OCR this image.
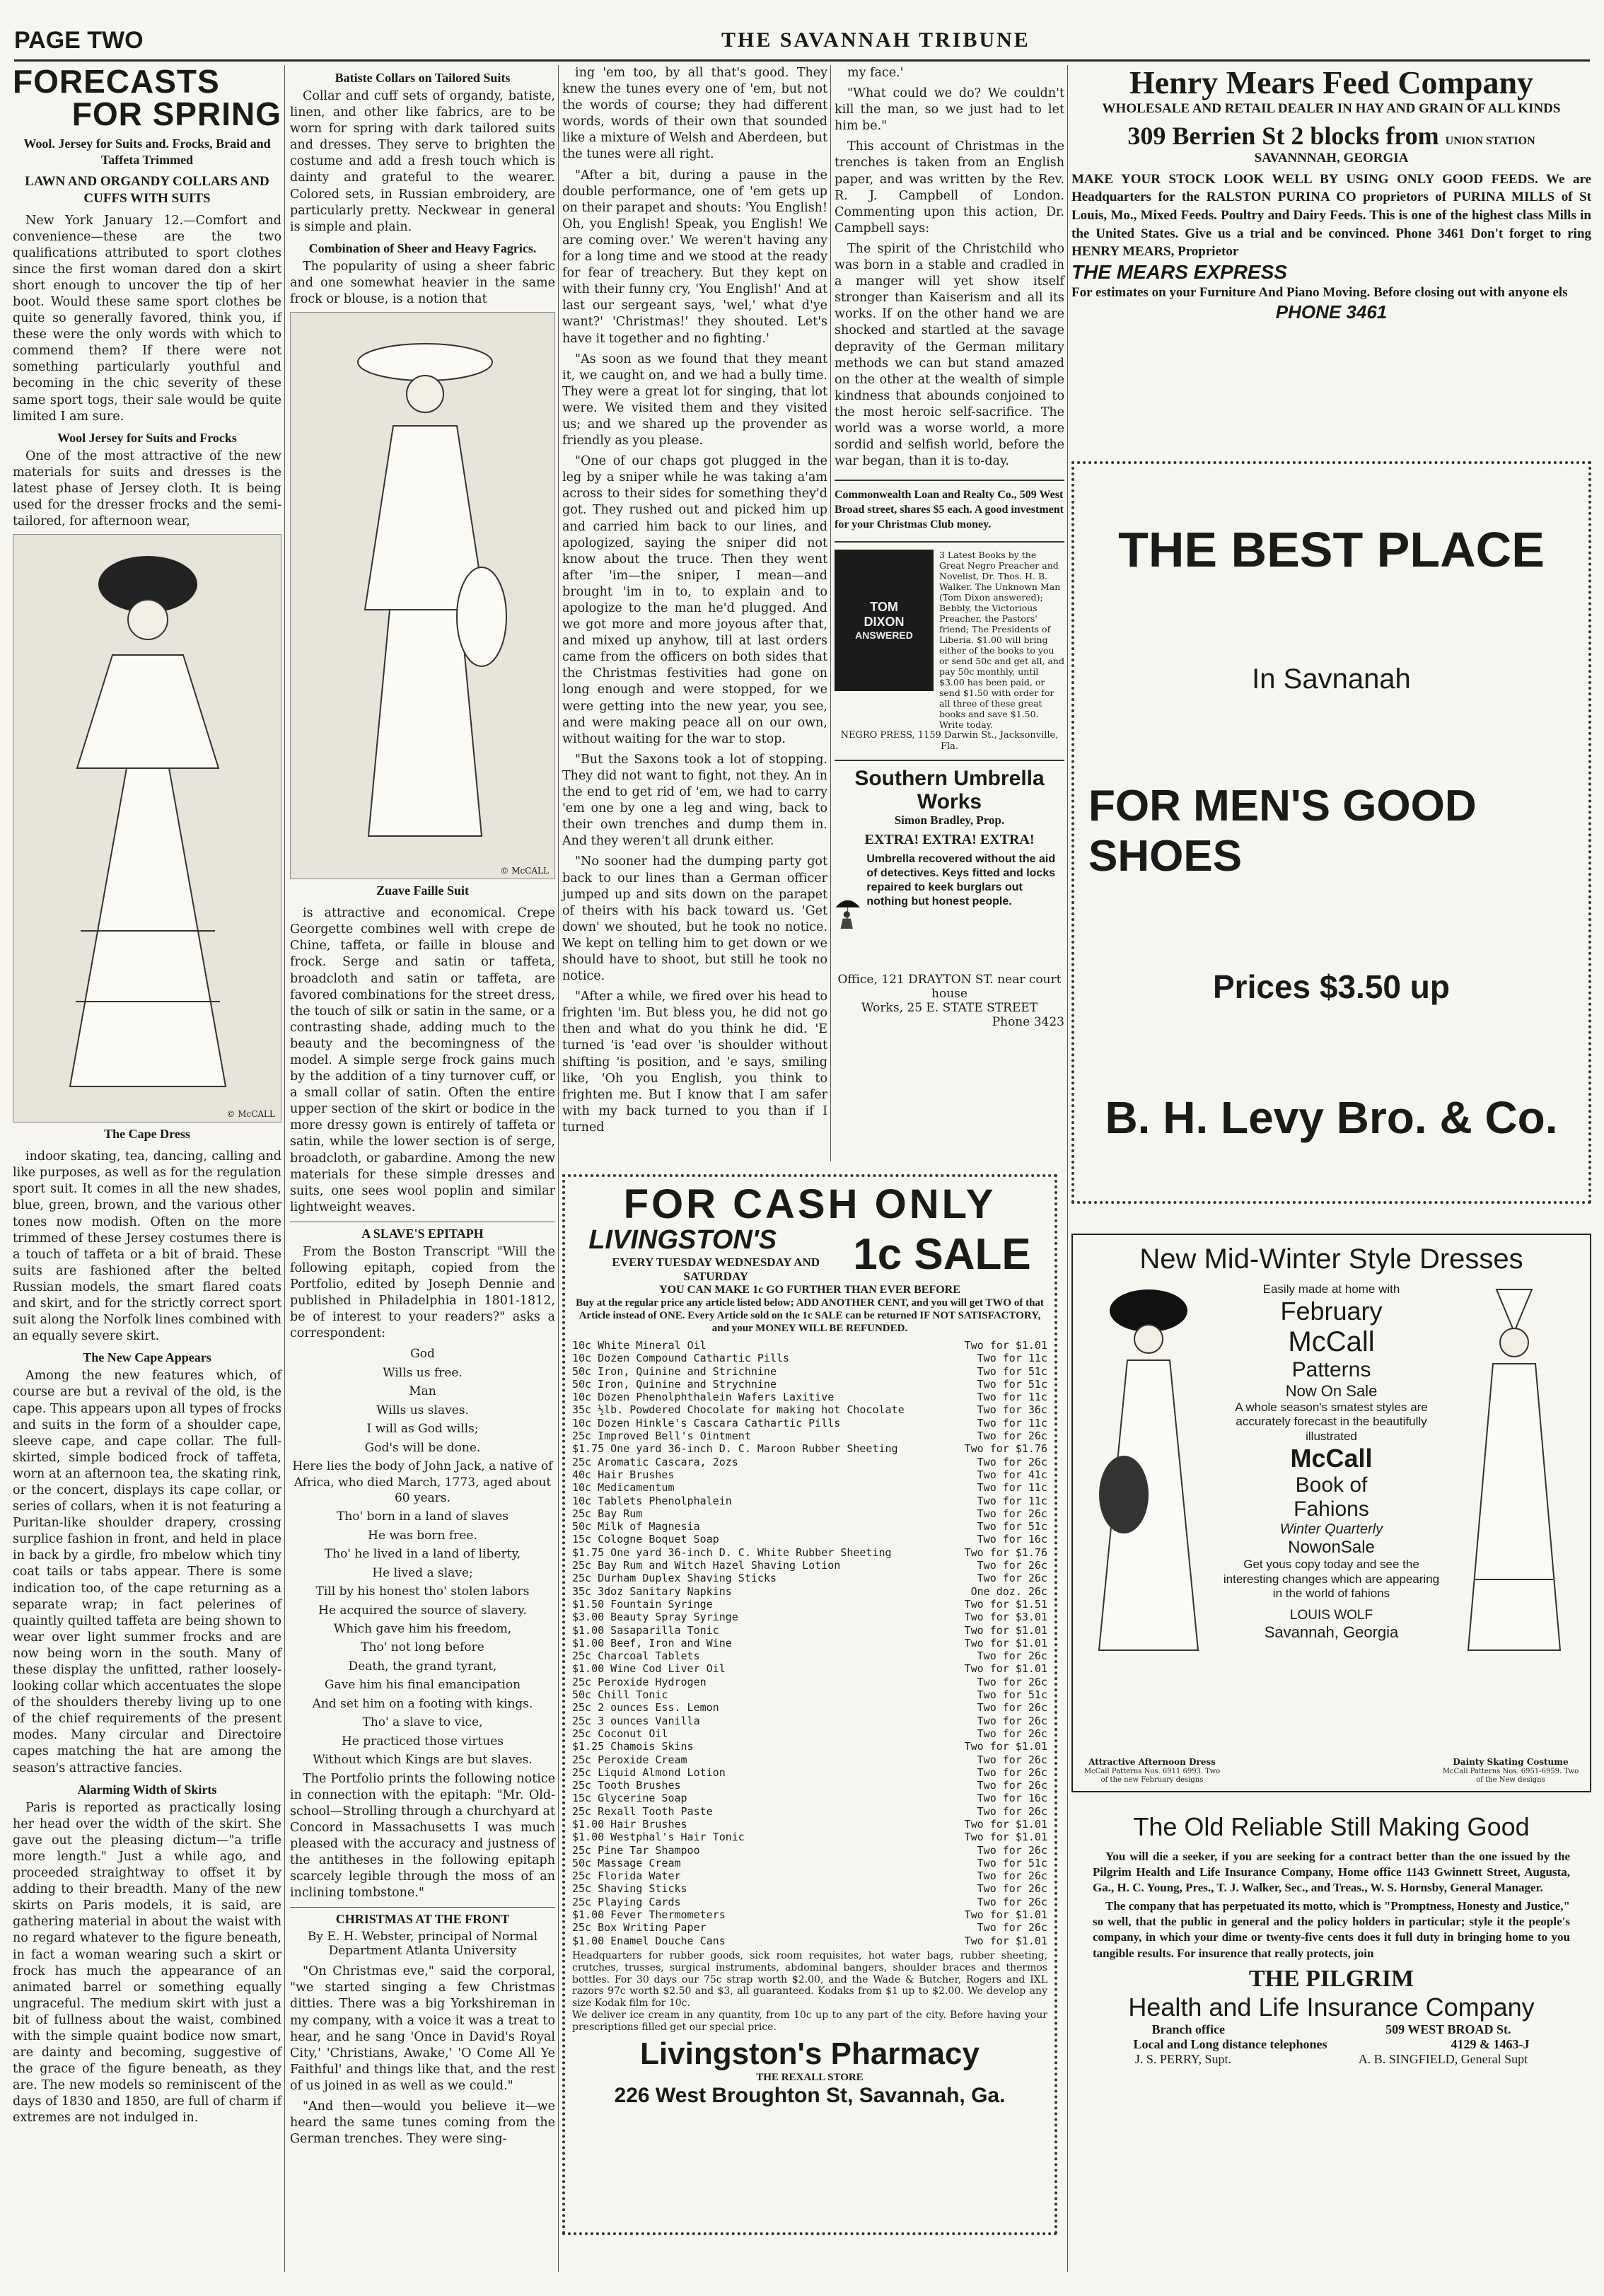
PAGE TWO	THE SAVANNAH TRIBUNE
FORECASTS
FOR SPRING
Wool. Jersey for Suits and. Frocks, Braid and Taffeta Trimmed
LAWN AND ORGANDY COLLARS AND CUFFS WITH SUITS

New York January 12.—Comfort and convenience—these are the two qualifications attributed to sport clothes since the first woman dared don a skirt short enough to uncover the tip of her boot. Would these same sport clothes be quite so generally favored, think you, if these were the only words with which to commend them? If there were not something particularly youthful and becoming in the chic severity of these same sport togs, their sale would be quite limited I am sure.

Wool Jersey for Suits and Frocks

One of the most attractive of the new materials for suits and dresses is the latest phase of Jersey cloth. It is being used for the dresser frocks and the semi-tailored, for afternoon wear,

© McCALL
The Cape Dress

indoor skating, tea, dancing, calling and like purposes, as well as for the regulation sport suit. It comes in all the new shades, blue, green, brown, and the various other tones now modish. Often on the more trimmed of these Jersey costumes there is a touch of taffeta or a bit of braid. These suits are fashioned after the belted Russian models, the smart flared coats and skirt, and for the strictly correct sport suit along the Norfolk lines combined with an equally severe skirt.

The New Cape Appears

Among the new features which, of course are but a revival of the old, is the cape. This appears upon all types of frocks and suits in the form of a shoulder cape, sleeve cape, and cape collar. The full-skirted, simple bodiced frock of taffeta, worn at an afternoon tea, the skating rink, or the concert, displays its cape collar, or series of collars, when it is not featuring a Puritan-like shoulder drapery, crossing surplice fashion in front, and held in place in back by a girdle, fro mbelow which tiny coat tails or tabs appear. There is some indication too, of the cape returning as a separate wrap; in fact pelerines of quaintly quilted taffeta are being shown to wear over light summer frocks and are now being worn in the south. Many of these display the unfitted, rather loosely-looking collar which accentuates the slope of the shoulders thereby living up to one of the chief requirements of the present modes. Many circular and Directoire capes matching the hat are among the season's attractive fancies.

Alarming Width of Skirts

Paris is reported as practically losing her head over the width of the skirt. She gave out the pleasing dictum—"a trifle more length." Just a while ago, and proceeded straightway to offset it by adding to their breadth. Many of the new skirts on Paris models, it is said, are gathering material in about the waist with no regard whatever to the figure beneath, in fact a woman wearing such a skirt or frock has much the appearance of an animated barrel or something equally ungraceful. The medium skirt with just a bit of fullness about the waist, combined with the simple quaint bodice now smart, are dainty and becoming, suggestive of the grace of the figure beneath, as they are. The new models so reminiscent of the days of 1830 and 1850, are full of charm if extremes are not indulged in.

Batiste Collars on Tailored Suits

Collar and cuff sets of organdy, batiste, linen, and other like fabrics, are to be worn for spring with dark tailored suits and dresses. They serve to brighten the costume and add a fresh touch which is dainty and grateful to the wearer. Colored sets, in Russian embroidery, are particularly pretty. Neckwear in general is simple and plain.

Combination of Sheer and Heavy Fagrics.

The popularity of using a sheer fabric and one somewhat heavier in the same frock or blouse, is a notion that

© McCALL
Zuave Faille Suit

is attractive and economical. Crepe Georgette combines well with crepe de Chine, taffeta, or faille in blouse and frock. Serge and satin or taffeta, broadcloth and satin or taffeta, are favored combinations for the street dress, the touch of silk or satin in the same, or a contrasting shade, adding much to the beauty and the becomingness of the model. A simple serge frock gains much by the addition of a tiny turnover cuff, or a small collar of satin. Often the entire upper section of the skirt or bodice in the more dressy gown is entirely of taffeta or satin, while the lower section is of serge, broadcloth, or gabardine. Among the new materials for these simple dresses and suits, one sees wool poplin and similar lightweight weaves.

A SLAVE'S EPITAPH

From the Boston Transcript "Will the following epitaph, copied from the Portfolio, edited by Joseph Dennie and published in Philadelphia in 1801-1812, be of interest to your readers?" asks a correspondent:

God
Wills us free.
Man
Wills us slaves.
I will as God wills;
God's will be done.
Here lies the body of John Jack, a native of Africa, who died March, 1773, aged about 60 years.
Tho' born in a land of slaves
He was born free.
Tho' he lived in a land of liberty,
He lived a slave;
Till by his honest tho' stolen labors
He acquired the source of slavery.
Which gave him his freedom,
Tho' not long before
Death, the grand tyrant,
Gave him his final emancipation
And set him on a footing with kings.
Tho' a slave to vice,
He practiced those virtues
Without which Kings are but slaves.

The Portfolio prints the following notice in connection with the epitaph: "Mr. Old-school—Strolling through a churchyard at Concord in Massachusetts I was much pleased with the accuracy and justness of the antitheses in the following epitaph scarcely legible through the moss of an inclining tombstone."

CHRISTMAS AT THE FRONT
By E. H. Webster, principal of Normal Department Atlanta University

"On Christmas eve," said the corporal, "we started singing a few Christmas ditties. There was a big Yorkshireman in my company, with a voice it was a treat to hear, and he sang 'Once in David's Royal City,' 'Christians, Awake,' 'O Come All Ye Faithful' and things like that, and the rest of us joined in as well as we could."

"And then—would you believe it—we heard the same tunes coming from the German trenches. They were sing-

ing 'em too, by all that's good. They knew the tunes every one of 'em, but not the words of course; they had different words, words of their own that sounded like a mixture of Welsh and Aberdeen, but the tunes were all right.

"After a bit, during a pause in the double performance, one of 'em gets up on their parapet and shouts: 'You English! Oh, you English! Speak, you English! We are coming over.' We weren't having any for a long time and we stood at the ready for fear of treachery. But they kept on with their funny cry, 'You English!' And at last our sergeant says, 'wel,' what d'ye want?' 'Christmas!' they shouted. Let's have it together and no fighting.'

"As soon as we found that they meant it, we caught on, and we had a bully time. They were a great lot for singing, that lot were. We visited them and they visited us; and we shared up the provender as friendly as you please.

"One of our chaps got plugged in the leg by a sniper while he was taking a'am across to their sides for something they'd got. They rushed out and picked him up and carried him back to our lines, and apologized, saying the sniper did not know about the truce. Then they went after 'im—the sniper, I mean—and brought 'im in to, to explain and to apologize to the man he'd plugged. And we got more and more joyous after that, and mixed up anyhow, till at last orders came from the officers on both sides that the Christmas festivities had gone on long enough and were stopped, for we were getting into the new year, you see, and were making peace all on our own, without waiting for the war to stop.

"But the Saxons took a lot of stopping. They did not want to fight, not they. An in the end to get rid of 'em, we had to carry 'em one by one a leg and wing, back to their own trenches and dump them in. And they weren't all drunk either.

"No sooner had the dumping party got back to our lines than a German officer jumped up and sits down on the parapet of theirs with his back toward us. 'Get down' we shouted, but he took no notice. We kept on telling him to get down or we should have to shoot, but still he took no notice.

"After a while, we fired over his head to frighten 'im. But bless you, he did not go then and what do you think he did. 'E turned 'is 'ead over 'is shoulder without shifting 'is position, and 'e says, smiling like, 'Oh you English, you think to frighten me. But I know that I am safer with my back turned to you than if I turned

my face.'

"What could we do? We couldn't kill the man, so we just had to let him be."

This account of Christmas in the trenches is taken from an English paper, and was written by the Rev. R. J. Campbell of London. Commenting upon this action, Dr. Campbell says:

The spirit of the Christchild who was born in a stable and cradled in a manger will yet show itself stronger than Kaiserism and all its works. If on the other hand we are shocked and startled at the savage depravity of the German military methods we can but stand amazed on the other at the wealth of simple kindness that abounds conjoined to the most heroic self-sacrifice. The world was a worse world, a more sordid and selfish world, before the war began, than it is to-day.

Commonwealth Loan and Realty Co., 509 West Broad street, shares $5 each. A good investment for your Christmas Club money.
TOM
DIXON
ANSWERED
3 Latest Books by the Great Negro Preacher and Novelist, Dr. Thos. H. B. Walker. The Unknown Man (Tom Dixon answered); Bebbly, the Victorious Preacher, the Pastors' friend; The Presidents of Liberia. $1.00 will bring either of the books to you or send 50c and get all, and pay 50c monthly, until $3.00 has been paid, or send $1.50 with order for all three of these great books and save $1.50. Write today.
NEGRO PRESS, 1159 Darwin St., Jacksonville, Fla.
Southern Umbrella Works
Simon Bradley, Prop.
EXTRA! EXTRA! EXTRA!
Umbrella recovered without the aid of detectives. Keys fitted and locks repaired to keek burglars out nothing but honest people.
Office, 121 DRAYTON ST. near court house
Works, 25 E. STATE STREET
Phone 3423
FOR CASH ONLY
LIVINGSTON'S
EVERY TUESDAY WEDNESDAY AND SATURDAY	1c SALE
YOU CAN MAKE 1c GO FURTHER THAN EVER BEFORE
Buy at the regular price any article listed below; ADD ANOTHER CENT, and you will get TWO of that Article instead of ONE. Every Article sold on the 1c SALE can be returned IF NOT SATISFACTORY, and your MONEY WILL BE REFUNDED.
10c White Mineral Oil	Two for $1.01
10c Dozen Compound Cathartic Pills	Two for 11c
50c Iron, Quinine and Strichnine	Two for 51c
50c Iron, Quinine and Strychnine	Two for 51c
10c Dozen Phenolphthalein Wafers Laxitive	Two for 11c
35c ½lb. Powdered Chocolate for making hot Chocolate	Two for 36c
10c Dozen Hinkle's Cascara Cathartic Pills	Two for 11c
25c Improved Bell's Ointment	Two for 26c
$1.75 One yard 36-inch D. C. Maroon Rubber Sheeting	Two for $1.76
25c Aromatic Cascara, 2ozs	Two for 26c
40c Hair Brushes	Two for 41c
10c Medicamentum	Two for 11c
10c Tablets Phenolphalein	Two for 11c
25c Bay Rum	Two for 26c
50c Milk of Magnesia	Two for 51c
15c Cologne Boquet Soap	Two for 16c
$1.75 One yard 36-inch D. C. White Rubber Sheeting	Two for $1.76
25c Bay Rum and Witch Hazel Shaving Lotion	Two for 26c
25c Durham Duplex Shaving Sticks	Two for 26c
35c 3doz Sanitary Napkins	One doz. 26c
$1.50 Fountain Syringe	Two for $1.51
$3.00 Beauty Spray Syringe	Two for $3.01
$1.00 Sasaparilla Tonic	Two for $1.01
$1.00 Beef, Iron and Wine	Two for $1.01
25c Charcoal Tablets	Two for 26c
$1.00 Wine Cod Liver Oil	Two for $1.01
25c Peroxide Hydrogen	Two for 26c
50c Chill Tonic	Two for 51c
25c 2 ounces Ess. Lemon	Two for 26c
25c 3 ounces Vanilla	Two for 26c
25c Coconut Oil	Two for 26c
$1.25 Chamois Skins	Two for $1.01
25c Peroxide Cream	Two for 26c
25c Liquid Almond Lotion	Two for 26c
25c Tooth Brushes	Two for 26c
15c Glycerine Soap	Two for 16c
25c Rexall Tooth Paste	Two for 26c
$1.00 Hair Brushes	Two for $1.01
$1.00 Westphal's Hair Tonic	Two for $1.01
25c Pine Tar Shampoo	Two for 26c
50c Massage Cream	Two for 51c
25c Florida Water	Two for 26c
25c Shaving Sticks	Two for 26c
25c Playing Cards	Two for 26c
$1.00 Fever Thermometers	Two for $1.01
25c Box Writing Paper	Two for 26c
$1.00 Enamel Douche Cans	Two for $1.01
Headquarters for rubber goods, sick room requisites, hot water bags, rubber sheeting, crutches, trusses, surgical instruments, abdominal bangers, shoulder braces and thermos bottles. For 30 days our 75c strap worth $2.00, and the Wade & Butcher, Rogers and IXL razors 97c worth $2.50 and $3, all guaranteed. Kodaks from $1 up to $2.00. We develop any size Kodak film for 10c.
We deliver ice cream in any quantity, from 10c up to any part of the city. Before having your prescriptions filled get our special price.
Livingston's Pharmacy
THE REXALL STORE
226 West Broughton St, Savannah, Ga.
Henry Mears Feed Company
WHOLESALE AND RETAIL DEALER IN HAY AND GRAIN OF ALL KINDS
309 Berrien St 2 blocks from UNION STATION
SAVANNNAH, GEORGIA
MAKE YOUR STOCK LOOK WELL BY USING ONLY GOOD FEEDS. We are Headquarters for the RALSTON PURINA CO proprietors of PURINA MILLS of St Louis, Mo., Mixed Feeds. Poultry and Dairy Feeds. This is one of the highest class Mills in the United States. Give us a trial and be convinced. Phone 3461 Don't forget to ring HENRY MEARS, Proprietor
THE MEARS EXPRESS
For estimates on your Furniture And Piano Moving. Before closing out with anyone els
PHONE 3461
THE BEST PLACE
In Savnanah
FOR MEN'S GOOD SHOES
Prices $3.50 up
B. H. Levy Bro. & Co.
New Mid-Winter Style Dresses
Easily made at home with
February
McCall
Patterns
Now On Sale
A whole season's smatest styles are accurately forecast in the beautifully illustrated
McCall
Book of
Fahions
Winter Quarterly
NowonSale
Get yous copy today and see the interesting changes which are appearing in the world of fahions
LOUIS WOLF
Savannah, Georgia
Attractive Afternoon Dress
McCall Patterns Nos. 6911 6993. Two of the new February designs
Dainty Skating Costume
McCall Patterns Nos. 6951-6959. Two of the New designs
The Old Reliable Still Making Good

You will die a seeker, if you are seeking for a contract better than the one issued by the Pilgrim Health and Life Insurance Company, Home office 1143 Gwinnett Street, Augusta, Ga., H. C. Young, Pres., T. J. Walker, Sec., and Treas., W. S. Hornsby, General Manager.

The company that has perpetuated its motto, which is "Promptness, Honesty and Justice," so well, that the public in general and the policy holders in particular; style it the people's company, in which your dime or twenty-five cents does it full duty in bringing home to you tangible results. For insurence that really protects, join

THE PILGRIM
Health and Life Insurance Company
Branch office	509 WEST BROAD St.
Local and Long distance telephones	4129 & 1463-J
J. S. PERRY, Supt.	A. B. SINGFIELD, General Supt
